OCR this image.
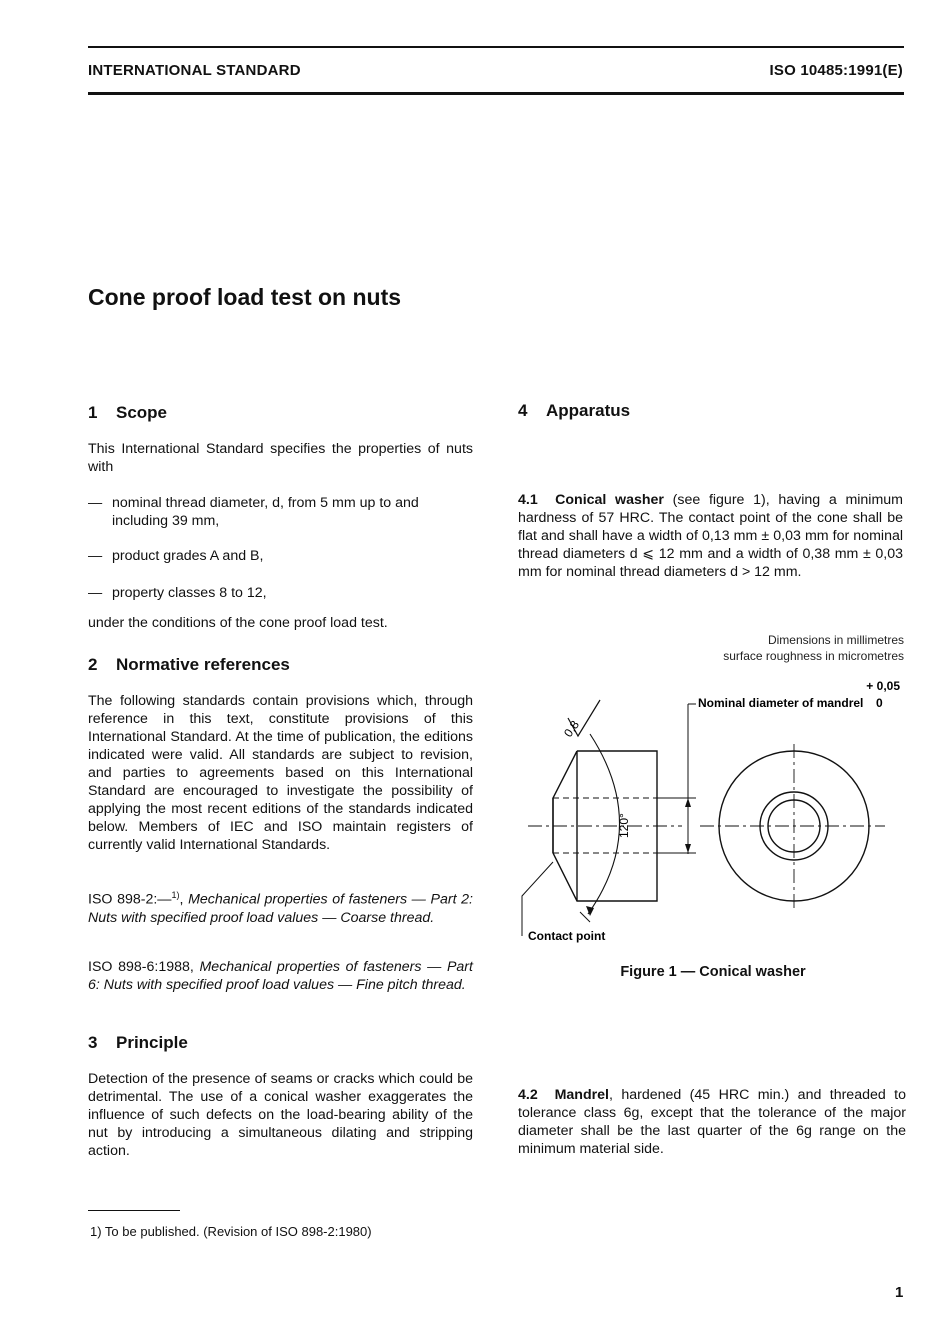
INTERNATIONAL STANDARD	ISO 10485:1991(E)
Cone proof load test on nuts
1 Scope

This International Standard specifies the properties of nuts with

— nominal thread diameter, d, from 5 mm up to and including 39 mm,
— product grades A and B,
— property classes 8 to 12,

under the conditions of the cone proof load test.

2 Normative references

The following standards contain provisions which, through reference in this text, constitute provisions of this International Standard. At the time of publication, the editions indicated were valid. All standards are subject to revision, and parties to agreements based on this International Standard are encouraged to investigate the possibility of applying the most recent editions of the standards indicated below. Members of IEC and ISO maintain registers of currently valid International Standards.

ISO 898-2:—$^{1)}$, Mechanical properties of fasteners — Part 2: Nuts with specified proof load values — Coarse thread.

ISO 898-6:1988, Mechanical properties of fasteners — Part 6: Nuts with specified proof load values — Fine pitch thread.

3 Principle

Detection of the presence of seams or cracks which could be detrimental. The use of a conical washer exaggerates the influence of such defects on the load-bearing ability of the nut by introducing a simultaneous dilating and stripping action.

4 Apparatus

4.1 Conical washer (see figure 1), having a minimum hardness of 57 HRC. The contact point of the cone shall be flat and shall have a width of 0,13 mm ± 0,03 mm for nominal thread diameters d ⩽ 12 mm and a width of 0,38 mm ± 0,03 mm for nominal thread diameters d > 12 mm.

4.2 Mandrel, hardened (45 HRC min.) and threaded to tolerance class 6g, except that the tolerance of the major diameter shall be the last quarter of the 6g range on the minimum material side.

Dimensions in millimetres
surface roughness in micrometres
+ 0,05
Nominal diameter of mandrel 0
120°
0,8
Contact point
Figure 1 — Conical washer
1) To be published. (Revision of ISO 898-2:1980)
1
